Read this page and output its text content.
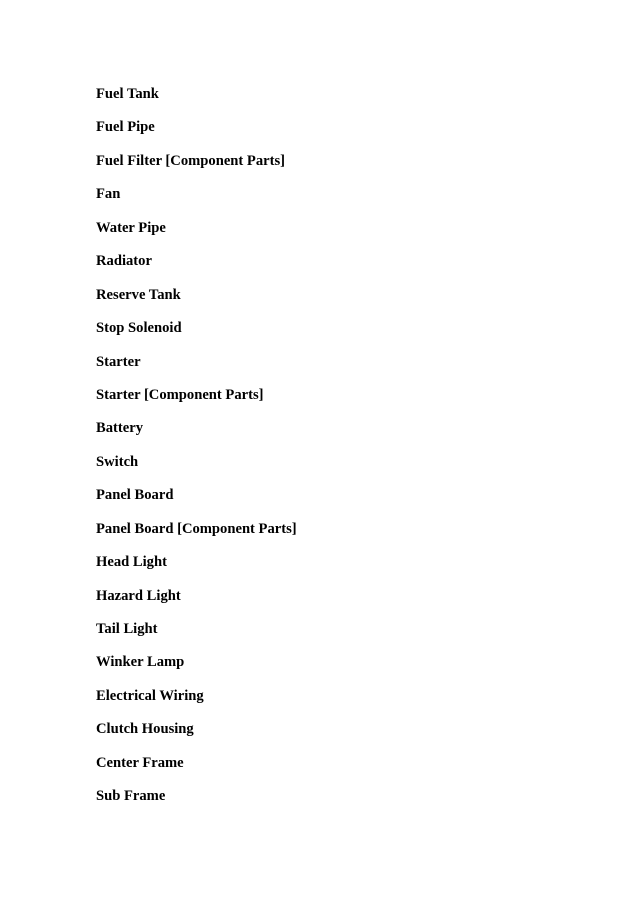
Fuel Tank
Fuel Pipe
Fuel Filter [Component Parts]
Fan
Water Pipe
Radiator
Reserve Tank
Stop Solenoid
Starter
Starter [Component Parts]
Battery
Switch
Panel Board
Panel Board [Component Parts]
Head Light
Hazard Light
Tail Light
Winker Lamp
Electrical Wiring
Clutch Housing
Center Frame
Sub Frame
